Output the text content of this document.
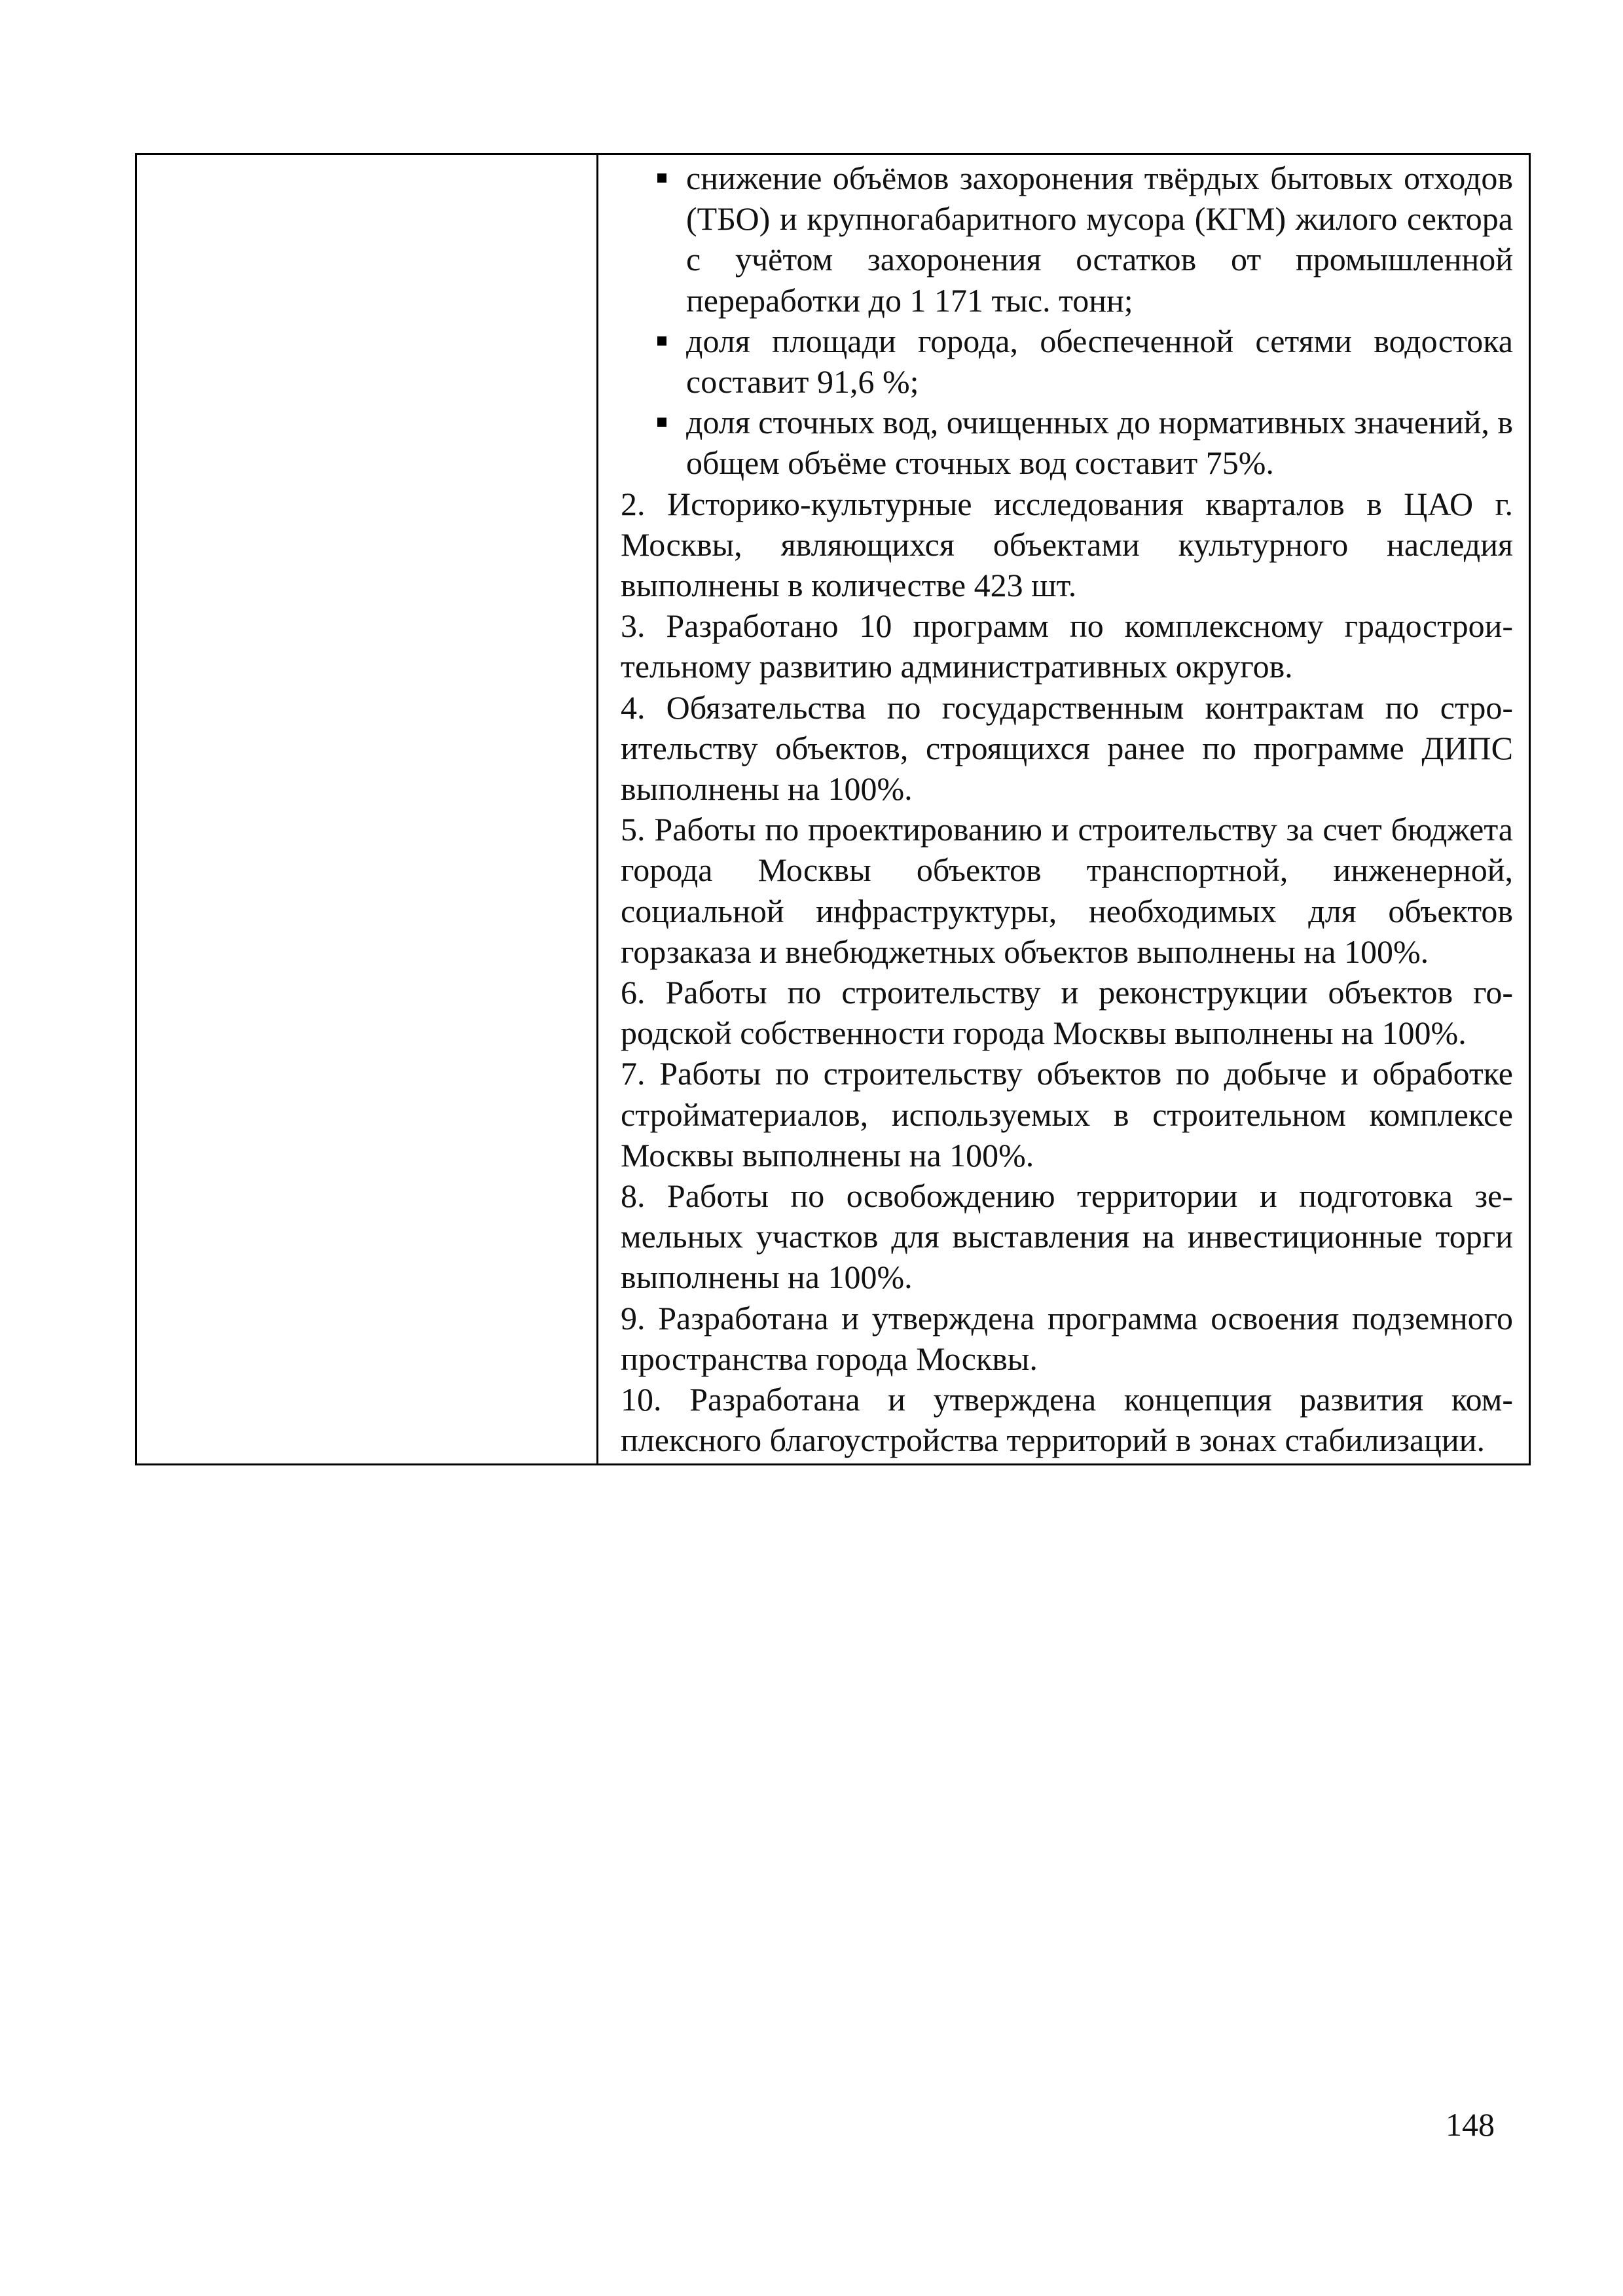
снижение объёмов захоронения твёрдых бытовых отходов (ТБО) и крупногабаритного мусора (КГМ) жилого сектора с учётом захоронения остатков от промышленной переработки до 1 171 тыс. тонн;
доля площади города, обеспеченной сетями водостока составит 91,6 %;
доля сточных вод, очищенных до нормативных значений, в общем объёме сточных вод составит 75%.

2. Историко-культурные исследования кварталов в ЦАО г. Москвы, являющихся объектами культурного наследия выполнены в количестве 423 шт.

3. Разработано 10 программ по комплексному градостроительному развитию административных округов.

4. Обязательства по государственным контрактам по строительству объектов, строящихся ранее по программе ДИПС выполнены на 100%.

5. Работы по проектированию и строительству за счет бюджета города Москвы объектов транспортной, инженерной, социальной инфраструктуры, необходимых для объектов горзаказа и внебюджетных объектов выполнены на 100%.

6. Работы по строительству и реконструкции объектов городской собственности города Москвы выполнены на 100%.

7. Работы по строительству объектов по добыче и обработке стройматериалов, используемых в строительном комплексе Москвы выполнены на 100%.

8. Работы по освобождению территории и подготовка земельных участков для выставления на инвестиционные торги выполнены на 100%.

9. Разработана и утверждена программа освоения подземного пространства города Москвы.

10. Разработана и утверждена концепция развития комплексного благоустройства территорий в зонах стабилизации.

148
